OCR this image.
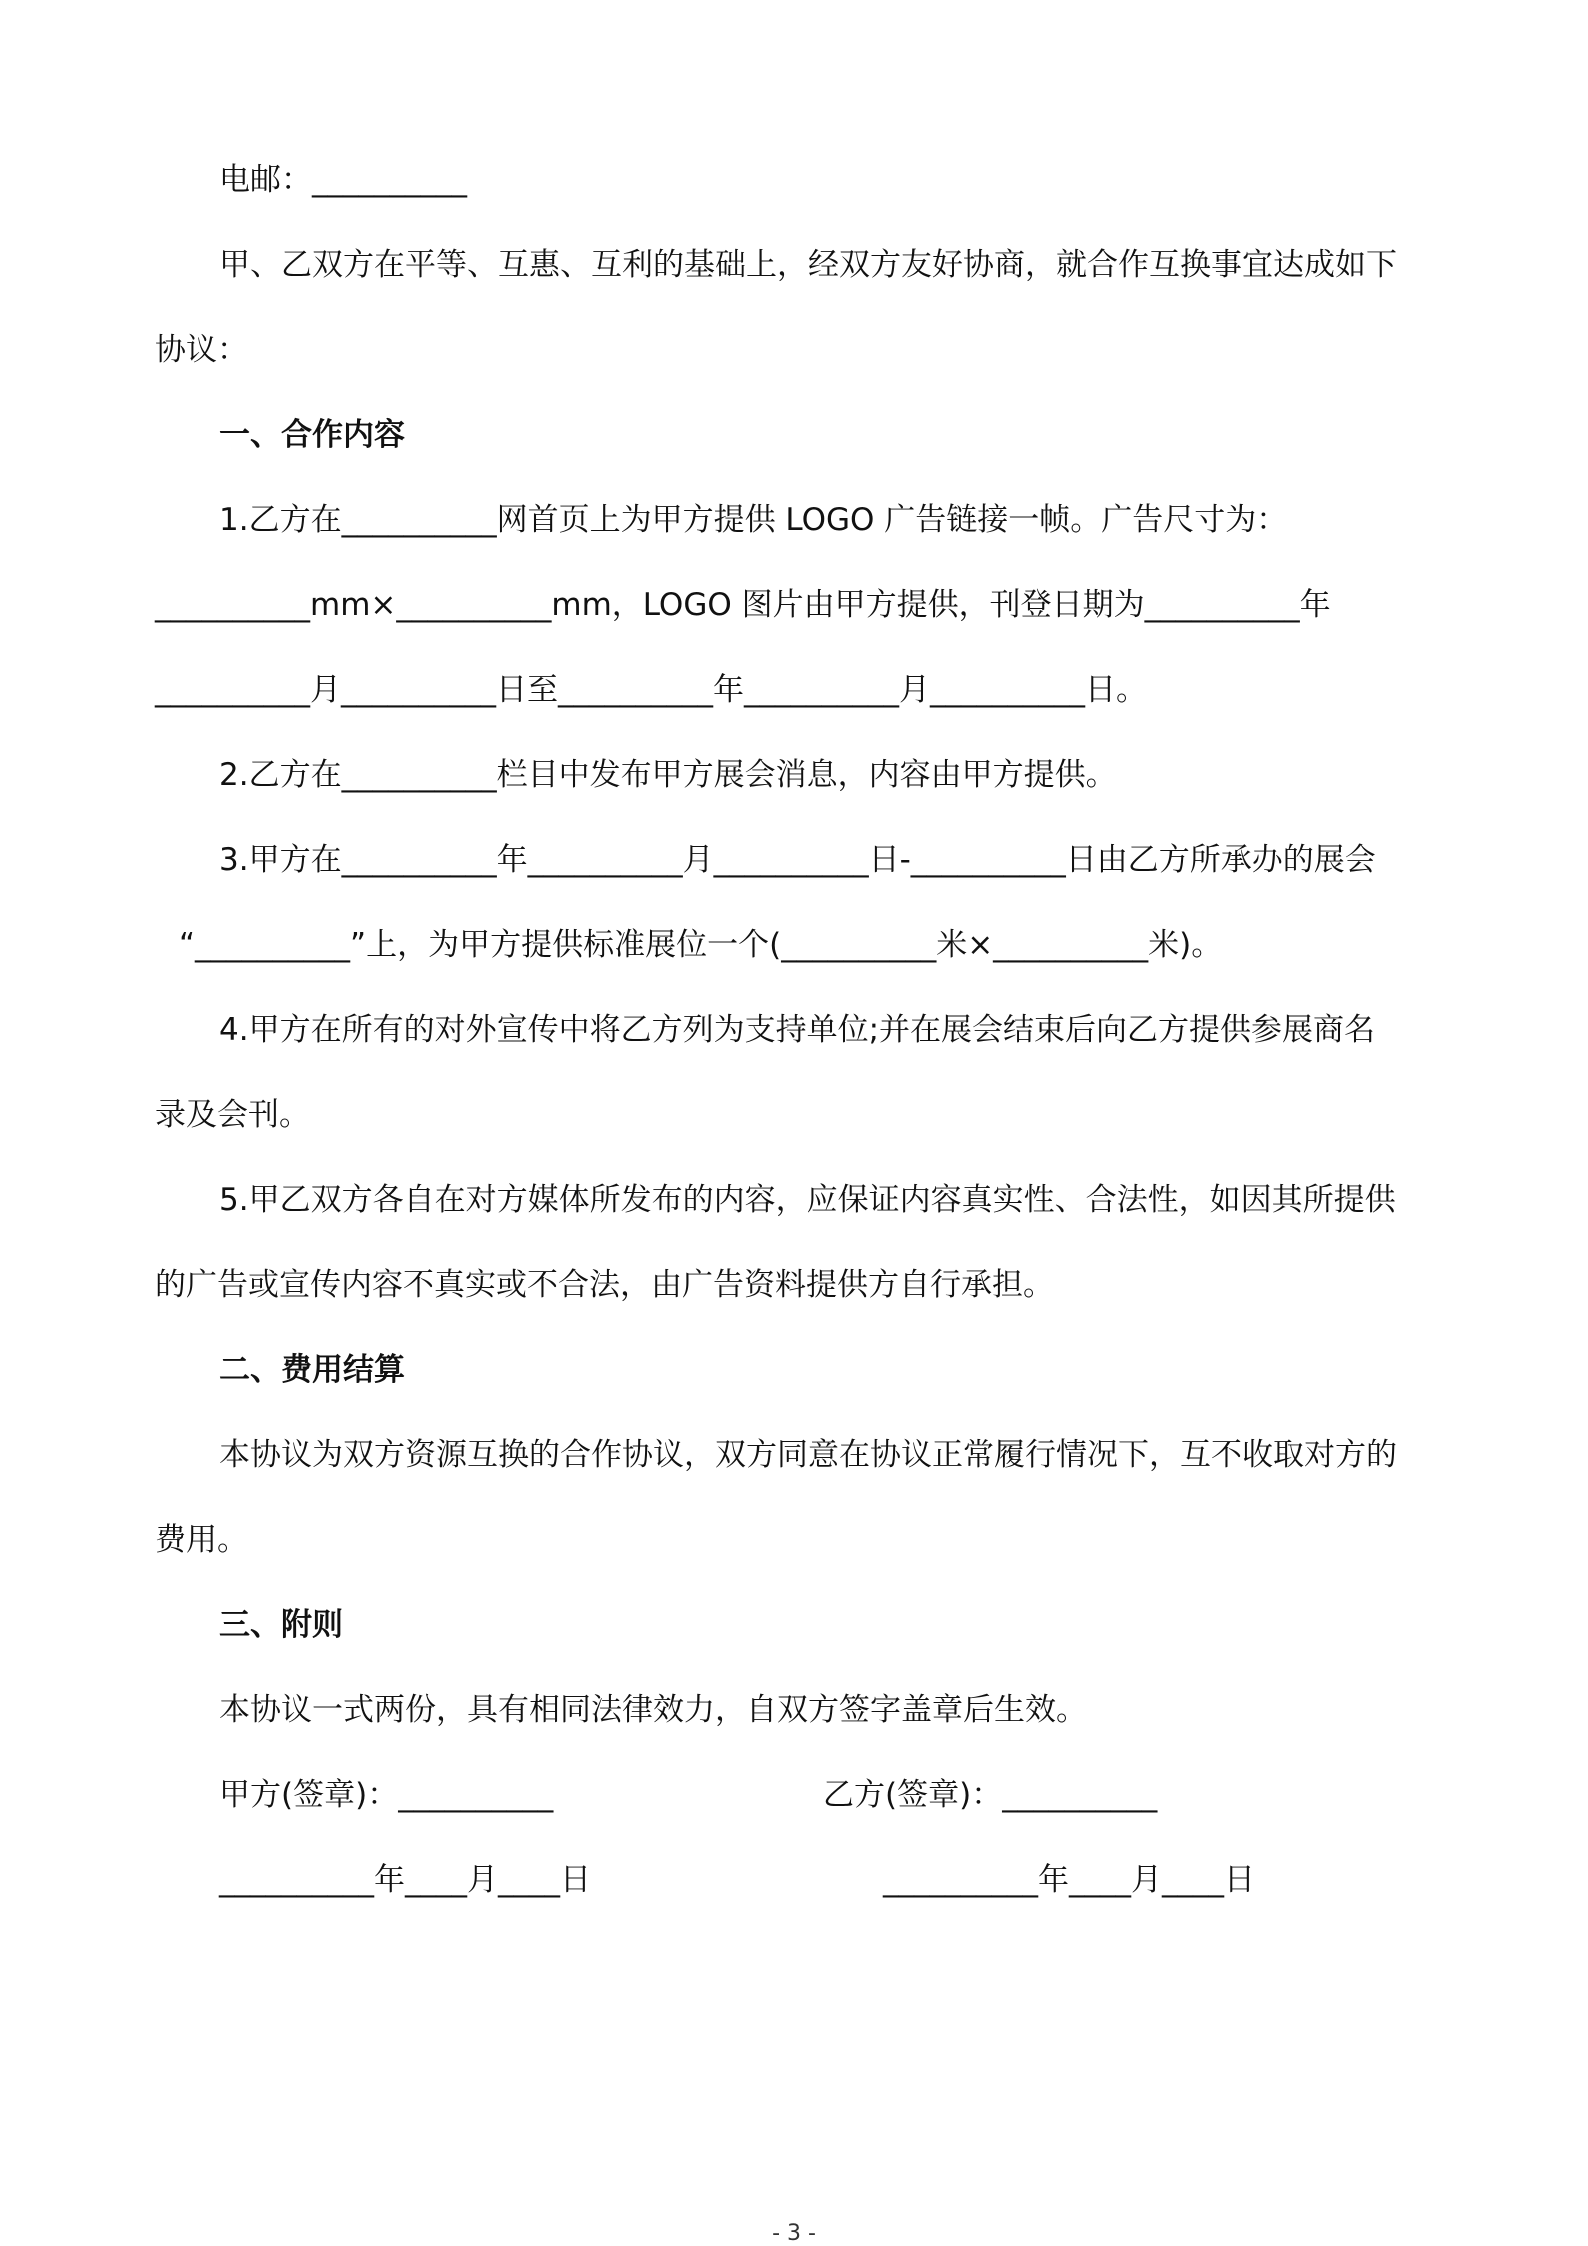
电邮：__________
甲、乙双方在平等、互惠、互利的基础上，经双方友好协商，就合作互换事宜达成如下
协议：
一、合作内容
1.乙方在__________网首页上为甲方提供 LOGO 广告链接一帧。广告尺寸为：
__________mm×__________mm，LOGO 图片由甲方提供，刊登日期为__________年
__________月__________日至__________年__________月__________日。
2.乙方在__________栏目中发布甲方展会消息，内容由甲方提供。
3.甲方在__________年__________月__________日-__________日由乙方所承办的展会
“__________”上，为甲方提供标准展位一个(__________米×__________米)。
4.甲方在所有的对外宣传中将乙方列为支持单位;并在展会结束后向乙方提供参展商名
录及会刊。
5.甲乙双方各自在对方媒体所发布的内容，应保证内容真实性、合法性，如因其所提供
的广告或宣传内容不真实或不合法，由广告资料提供方自行承担。
二、费用结算
本协议为双方资源互换的合作协议，双方同意在协议正常履行情况下，互不收取对方的
费用。
三、附则
本协议一式两份，具有相同法律效力，自双方签字盖章后生效。
甲方(签章)：__________	乙方(签章)：__________
__________年____月____日	__________年____月____日
- 3 -
